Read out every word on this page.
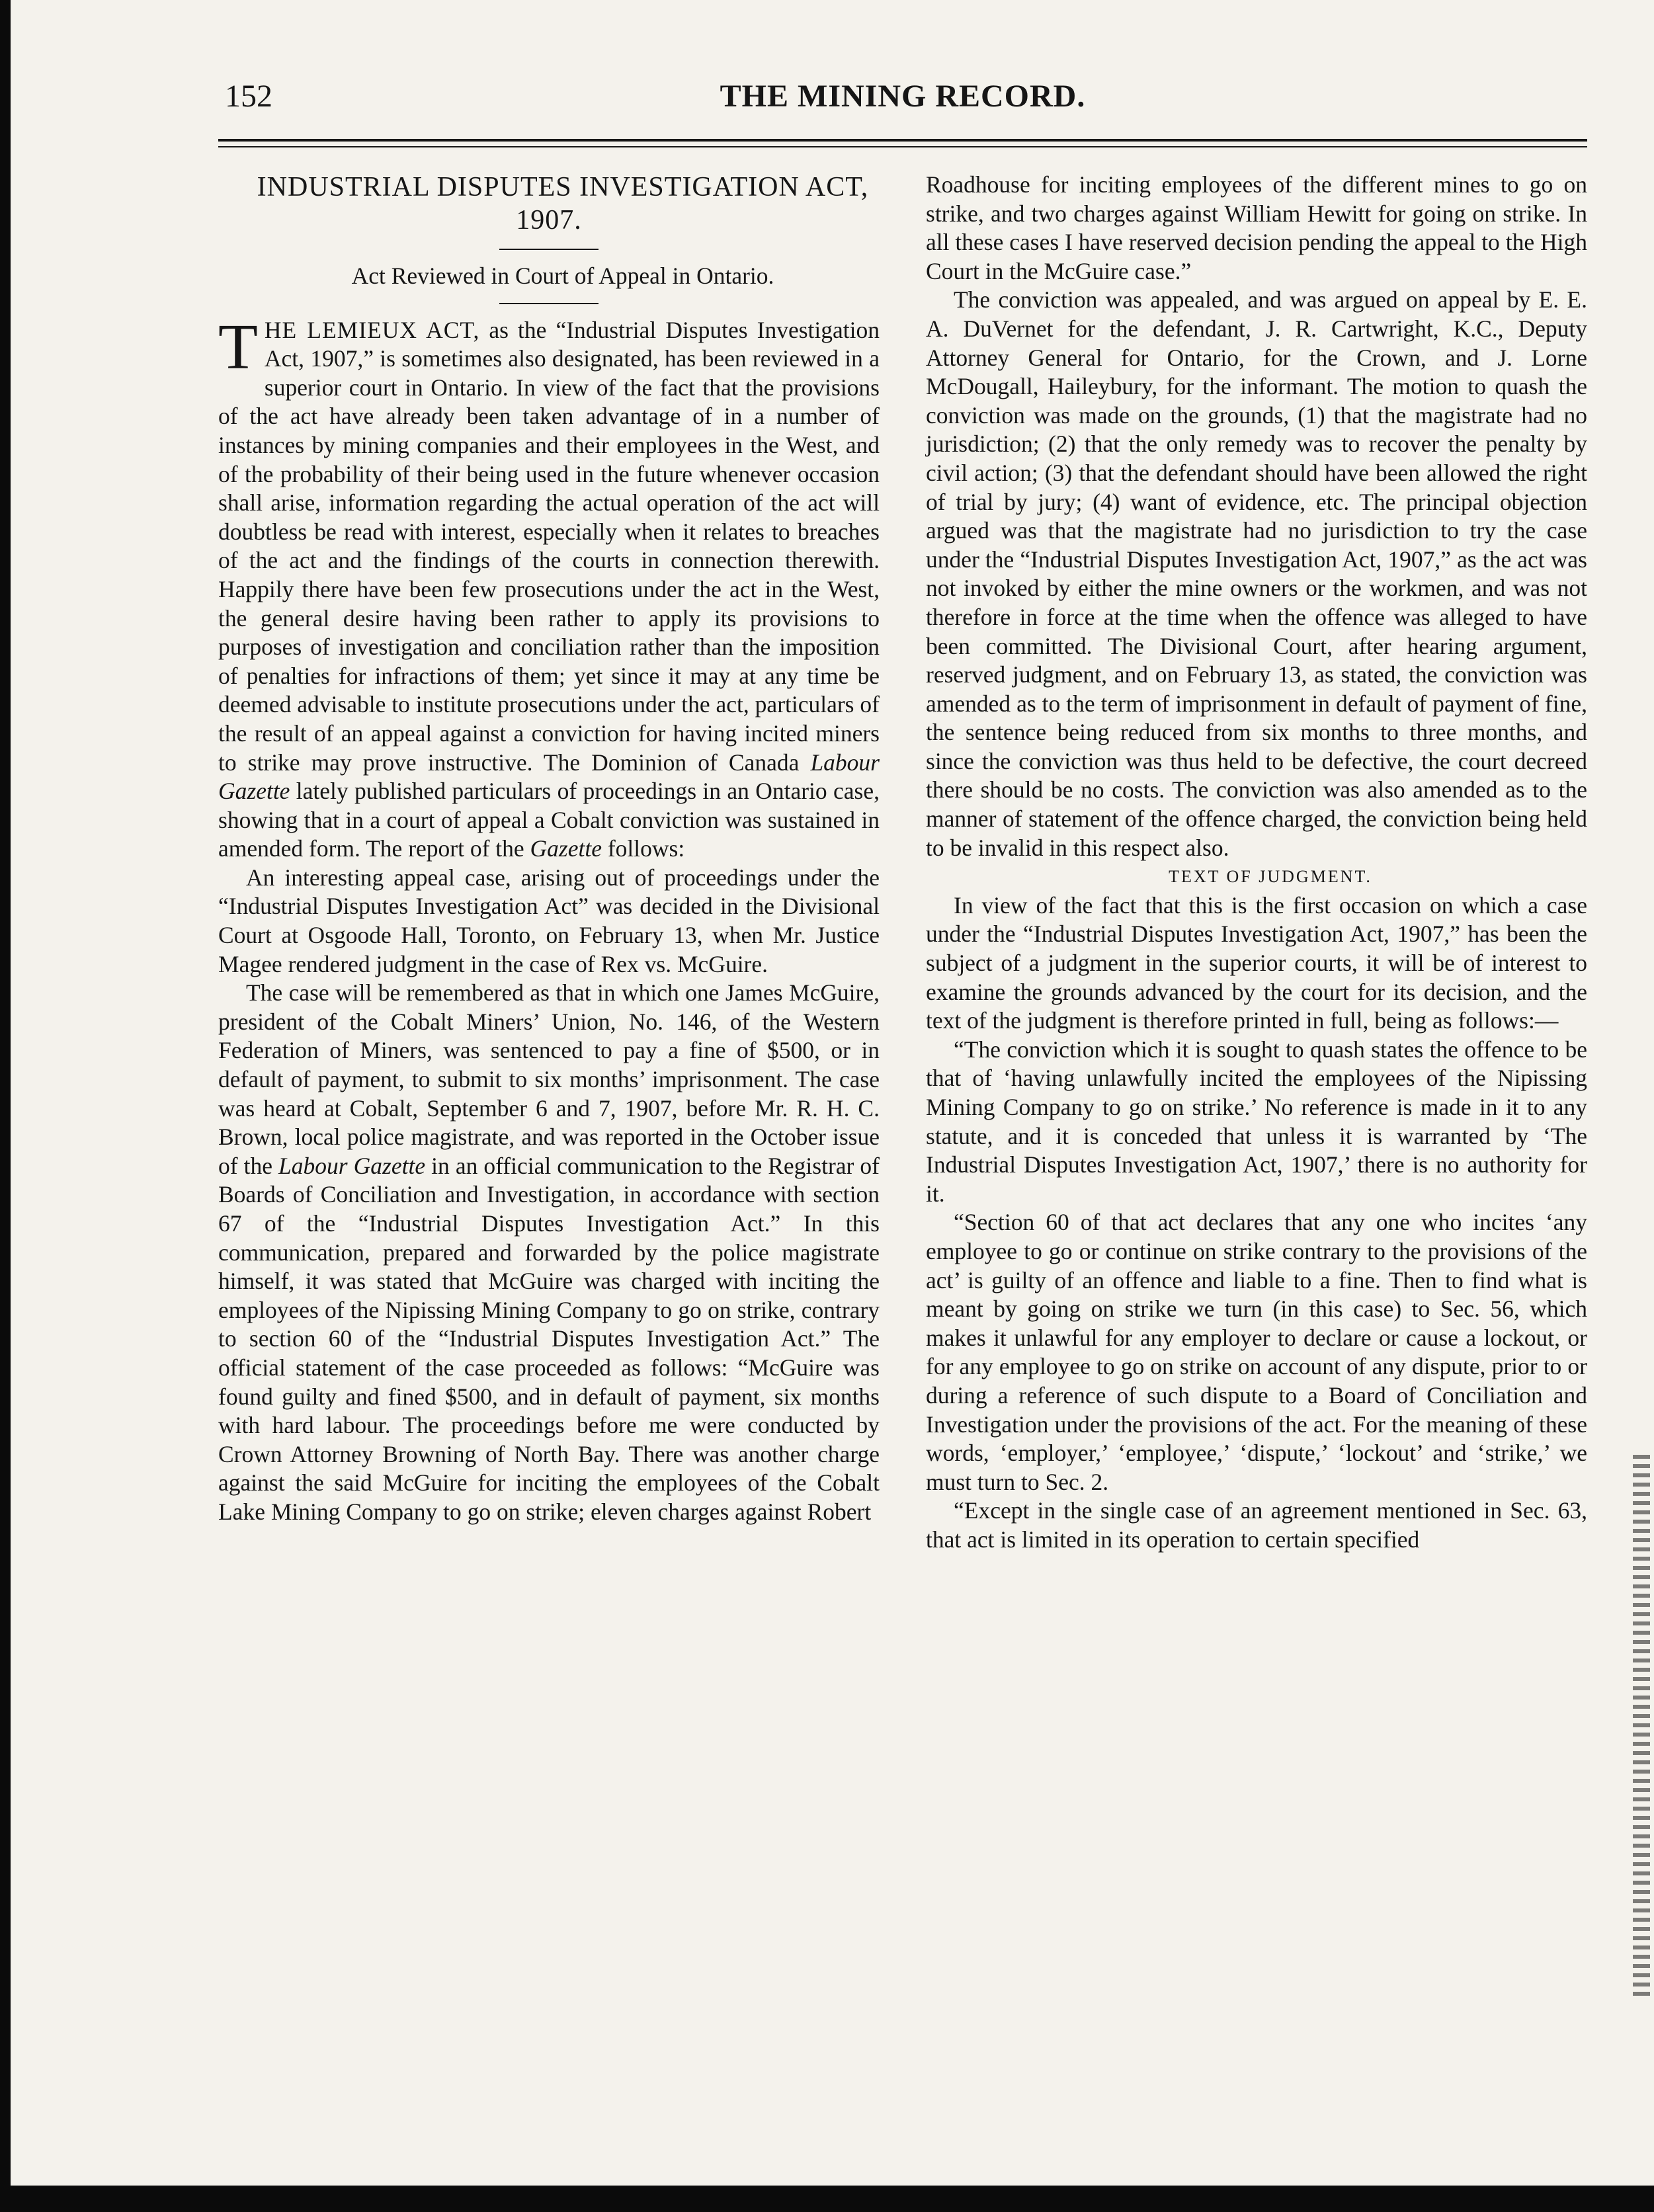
152	THE MINING RECORD.

INDUSTRIAL DISPUTES INVESTIGATION ACT, 1907.

Act Reviewed in Court of Appeal in Ontario.

THE LEMIEUX ACT, as the “Industrial Disputes Investigation Act, 1907,” is sometimes also designated, has been reviewed in a superior court in Ontario. In view of the fact that the provisions of the act have already been taken advantage of in a number of instances by mining companies and their employees in the West, and of the probability of their being used in the future whenever occasion shall arise, information regarding the actual operation of the act will doubtless be read with interest, especially when it relates to breaches of the act and the findings of the courts in connection therewith. Happily there have been few prosecutions under the act in the West, the general desire having been rather to apply its provisions to purposes of investigation and conciliation rather than the imposition of penalties for infractions of them; yet since it may at any time be deemed advisable to institute prosecutions under the act, particulars of the result of an appeal against a conviction for having incited miners to strike may prove instructive. The Dominion of Canada Labour Gazette lately published particulars of proceedings in an Ontario case, showing that in a court of appeal a Cobalt conviction was sustained in amended form. The report of the Gazette follows:

An interesting appeal case, arising out of proceedings under the “Industrial Disputes Investigation Act” was decided in the Divisional Court at Osgoode Hall, Toronto, on February 13, when Mr. Justice Magee rendered judgment in the case of Rex vs. McGuire.

The case will be remembered as that in which one James McGuire, president of the Cobalt Miners’ Union, No. 146, of the Western Federation of Miners, was sentenced to pay a fine of $500, or in default of payment, to submit to six months’ imprisonment. The case was heard at Cobalt, September 6 and 7, 1907, before Mr. R. H. C. Brown, local police magistrate, and was reported in the October issue of the Labour Gazette in an official communication to the Registrar of Boards of Conciliation and Investigation, in accordance with section 67 of the “Industrial Disputes Investigation Act.” In this communication, prepared and forwarded by the police magistrate himself, it was stated that McGuire was charged with inciting the employees of the Nipissing Mining Company to go on strike, contrary to section 60 of the “Industrial Disputes Investigation Act.” The official statement of the case proceeded as follows: “McGuire was found guilty and fined $500, and in default of payment, six months with hard labour. The proceedings before me were conducted by Crown Attorney Browning of North Bay. There was another charge against the said McGuire for inciting the employees of the Cobalt Lake Mining Company to go on strike; eleven charges against Robert

Roadhouse for inciting employees of the different mines to go on strike, and two charges against William Hewitt for going on strike. In all these cases I have reserved decision pending the appeal to the High Court in the McGuire case.”

The conviction was appealed, and was argued on appeal by E. E. A. DuVernet for the defendant, J. R. Cartwright, K.C., Deputy Attorney General for Ontario, for the Crown, and J. Lorne McDougall, Haileybury, for the informant. The motion to quash the conviction was made on the grounds, (1) that the magistrate had no jurisdiction; (2) that the only remedy was to recover the penalty by civil action; (3) that the defendant should have been allowed the right of trial by jury; (4) want of evidence, etc. The principal objection argued was that the magistrate had no jurisdiction to try the case under the “Industrial Disputes Investigation Act, 1907,” as the act was not invoked by either the mine owners or the workmen, and was not therefore in force at the time when the offence was alleged to have been committed. The Divisional Court, after hearing argument, reserved judgment, and on February 13, as stated, the conviction was amended as to the term of imprisonment in default of payment of fine, the sentence being reduced from six months to three months, and since the conviction was thus held to be defective, the court decreed there should be no costs. The conviction was also amended as to the manner of statement of the offence charged, the conviction being held to be invalid in this respect also.

TEXT OF JUDGMENT.

In view of the fact that this is the first occasion on which a case under the “Industrial Disputes Investigation Act, 1907,” has been the subject of a judgment in the superior courts, it will be of interest to examine the grounds advanced by the court for its decision, and the text of the judgment is therefore printed in full, being as follows:—

“The conviction which it is sought to quash states the offence to be that of ‘having unlawfully incited the employees of the Nipissing Mining Company to go on strike.’ No reference is made in it to any statute, and it is conceded that unless it is warranted by ‘The Industrial Disputes Investigation Act, 1907,’ there is no authority for it.

“Section 60 of that act declares that any one who incites ‘any employee to go or continue on strike contrary to the provisions of the act’ is guilty of an offence and liable to a fine. Then to find what is meant by going on strike we turn (in this case) to Sec. 56, which makes it unlawful for any employer to declare or cause a lockout, or for any employee to go on strike on account of any dispute, prior to or during a reference of such dispute to a Board of Conciliation and Investigation under the provisions of the act. For the meaning of these words, ‘employer,’ ‘employee,’ ‘dispute,’ ‘lockout’ and ‘strike,’ we must turn to Sec. 2.

“Except in the single case of an agreement mentioned in Sec. 63, that act is limited in its operation to certain specified
